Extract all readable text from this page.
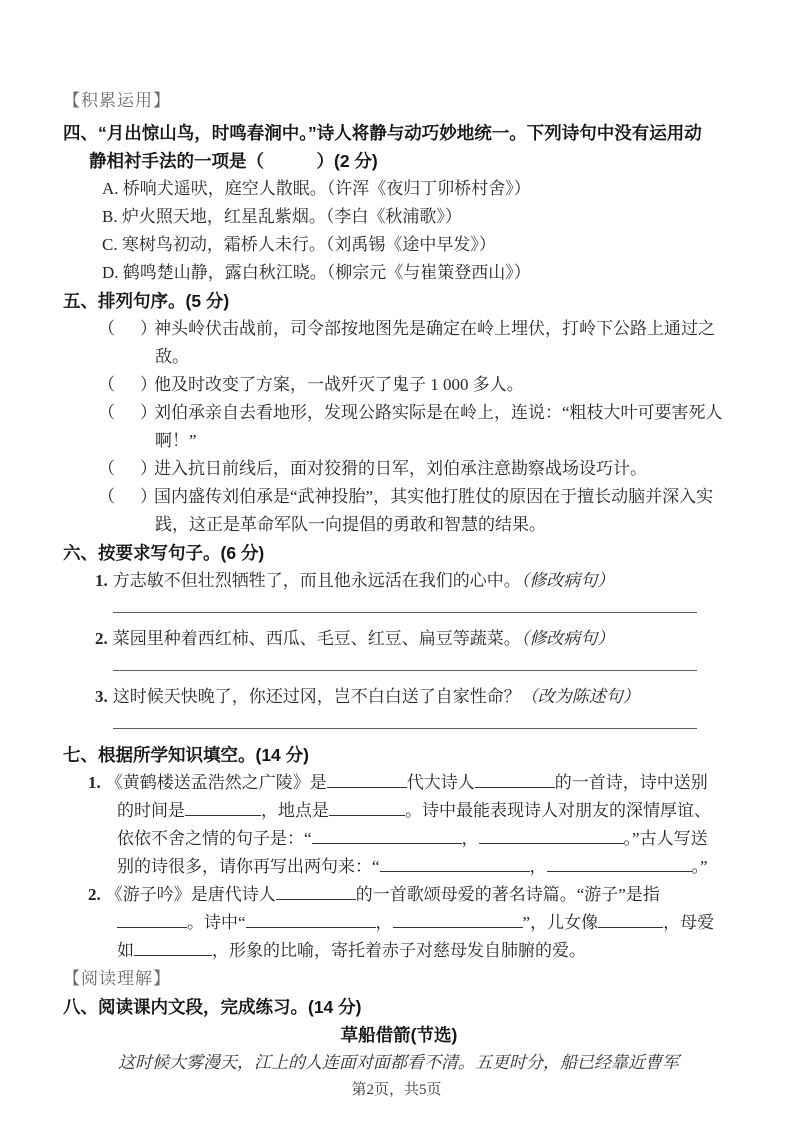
【积累运用】
四、“月出惊山鸟，时鸣春涧中。”诗人将静与动巧妙地统一。下列诗句中没有运用动
静相衬手法的一项是（　　　）(2 分)
A. 桥响犬遥吠，庭空人散眠。（许浑《夜归丁卯桥村舍》）
B. 炉火照天地，红星乱紫烟。（李白《秋浦歌》）
C. 寒树鸟初动，霜桥人未行。（刘禹锡《途中早发》）
D. 鹤鸣楚山静，露白秋江晓。（柳宗元《与崔策登西山》）
五、排列句序。(5 分)
（　　）神头岭伏击战前，司令部按地图先是确定在岭上埋伏，打岭下公路上通过之敌。
（　　）他及时改变了方案，一战歼灭了鬼子 1 000 多人。
（　　）刘伯承亲自去看地形，发现公路实际是在岭上，连说：“粗枝大叶可要害死人啊！”
（　　）进入抗日前线后，面对狡猾的日军，刘伯承注意勘察战场设巧计。
（　　）国内盛传刘伯承是“武神投胎”，其实他打胜仗的原因在于擅长动脑并深入实践，这正是革命军队一向提倡的勇敢和智慧的结果。
六、按要求写句子。(6 分)
1. 方志敏不但壮烈牺牲了，而且他永远活在我们的心中。（修改病句）
2. 菜园里种着西红柿、西瓜、毛豆、红豆、扁豆等蔬菜。（修改病句）
3. 这时候天快晚了，你还过冈，岂不白白送了自家性命？（改为陈述句）
七、根据所学知识填空。(14 分)
1. 《黄鹤楼送孟浩然之广陵》是	代大诗人	的一首诗，诗中送别
的时间是	，地点是	。诗中最能表现诗人对朋友的深情厚谊、
依依不舍之情的句子是：“	，	。”古人写送
别的诗很多，请你再写出两句来：“	，	。”
2. 《游子吟》是唐代诗人	的一首歌颂母爱的著名诗篇。“游子”是指
。诗中“	，	”，儿女像	，母爱
如	，形象的比喻，寄托着赤子对慈母发自肺腑的爱。
【阅读理解】
八、阅读课内文段，完成练习。(14 分)
草船借箭(节选)
这时候大雾漫天，江上的人连面对面都看不清。五更时分，船已经靠近曹军
第2页，共5页
